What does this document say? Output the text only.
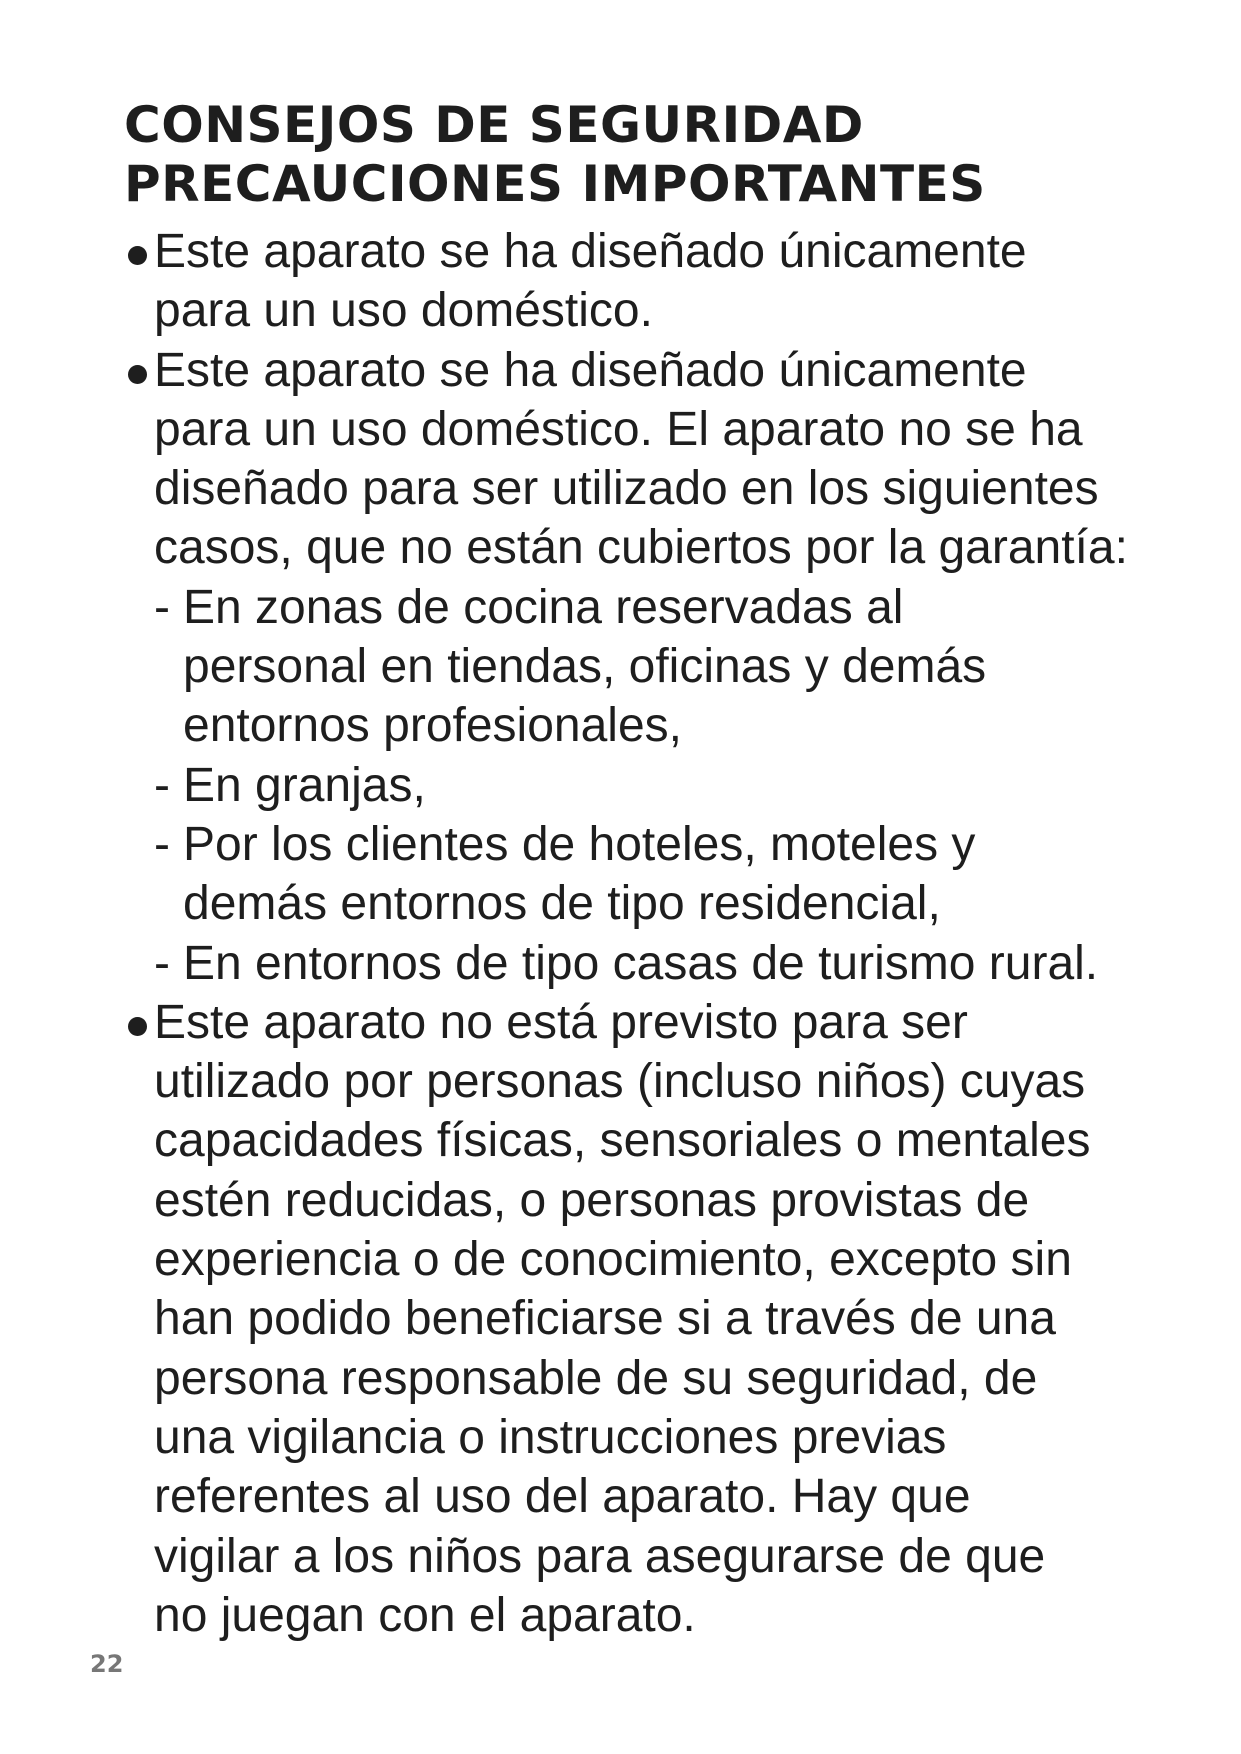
CONSEJOS DE SEGURIDAD
PRECAUCIONES IMPORTANTES
Este aparato se ha diseñado únicamente
para un uso doméstico.
Este aparato se ha diseñado únicamente
para un uso doméstico. El aparato no se ha
diseñado para ser utilizado en los siguientes
casos, que no están cubiertos por la garantía:
- En zonas de cocina reservadas al
personal en tiendas, oficinas y demás
entornos profesionales,
- En granjas,
- Por los clientes de hoteles, moteles y
demás entornos de tipo residencial,
- En entornos de tipo casas de turismo rural.
Este aparato no está previsto para ser
utilizado por personas (incluso niños) cuyas
capacidades físicas, sensoriales o mentales
estén reducidas, o personas provistas de
experiencia o de conocimiento, excepto sin
han podido beneficiarse si a través de una
persona responsable de su seguridad, de
una vigilancia o instrucciones previas
referentes al uso del aparato. Hay que
vigilar a los niños para asegurarse de que
no juegan con el aparato.
22
